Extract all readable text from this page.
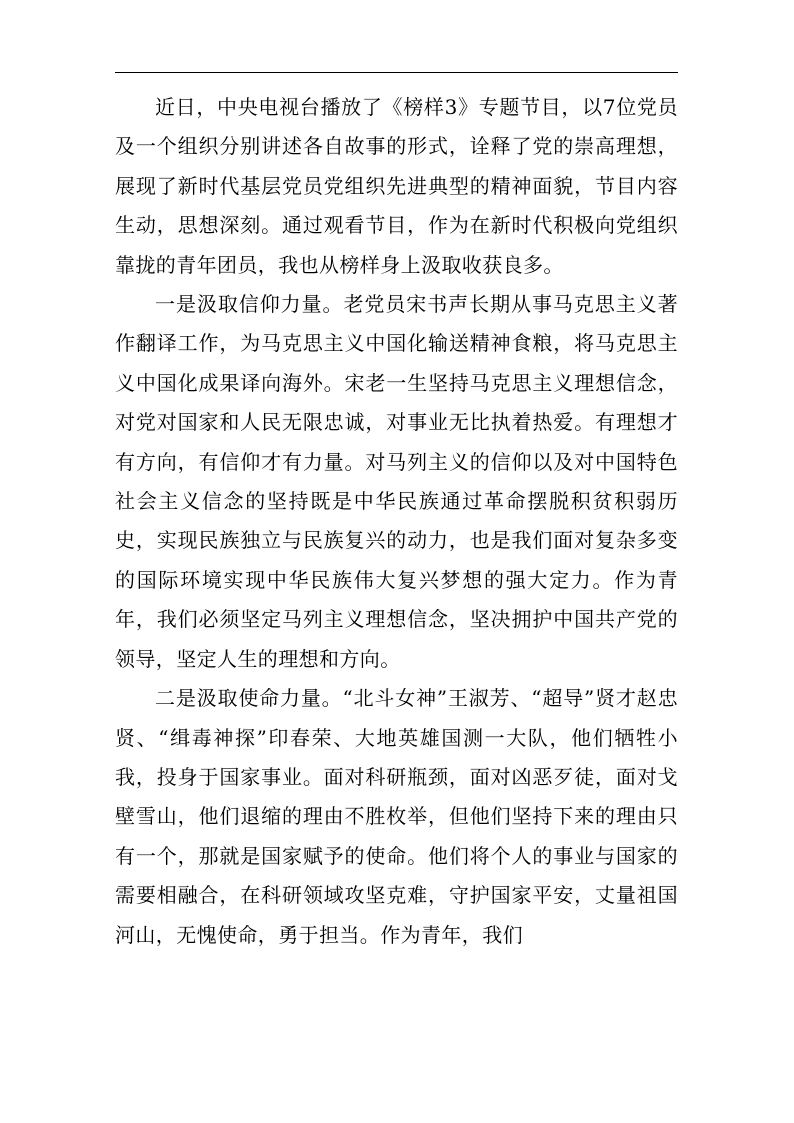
近日，中央电视台播放了《榜样3》专题节目，以7位党员及一个组织分别讲述各自故事的形式，诠释了党的崇高理想，展现了新时代基层党员党组织先进典型的精神面貌，节目内容生动，思想深刻。通过观看节目，作为在新时代积极向党组织靠拢的青年团员，我也从榜样身上汲取收获良多。

一是汲取信仰力量。老党员宋书声长期从事马克思主义著作翻译工作，为马克思主义中国化输送精神食粮，将马克思主义中国化成果译向海外。宋老一生坚持马克思主义理想信念，对党对国家和人民无限忠诚，对事业无比执着热爱。有理想才有方向，有信仰才有力量。对马列主义的信仰以及对中国特色社会主义信念的坚持既是中华民族通过革命摆脱积贫积弱历史，实现民族独立与民族复兴的动力，也是我们面对复杂多变的国际环境实现中华民族伟大复兴梦想的强大定力。作为青年，我们必须坚定马列主义理想信念，坚决拥护中国共产党的领导，坚定人生的理想和方向。

二是汲取使命力量。“北斗女神”王淑芳、“超导”贤才赵忠贤、“缉毒神探”印春荣、大地英雄国测一大队，他们牺牲小我，投身于国家事业。面对科研瓶颈，面对凶恶歹徒，面对戈壁雪山，他们退缩的理由不胜枚举，但他们坚持下来的理由只有一个，那就是国家赋予的使命。他们将个人的事业与国家的需要相融合，在科研领域攻坚克难，守护国家平安，丈量祖国河山，无愧使命，勇于担当。作为青年，我们
